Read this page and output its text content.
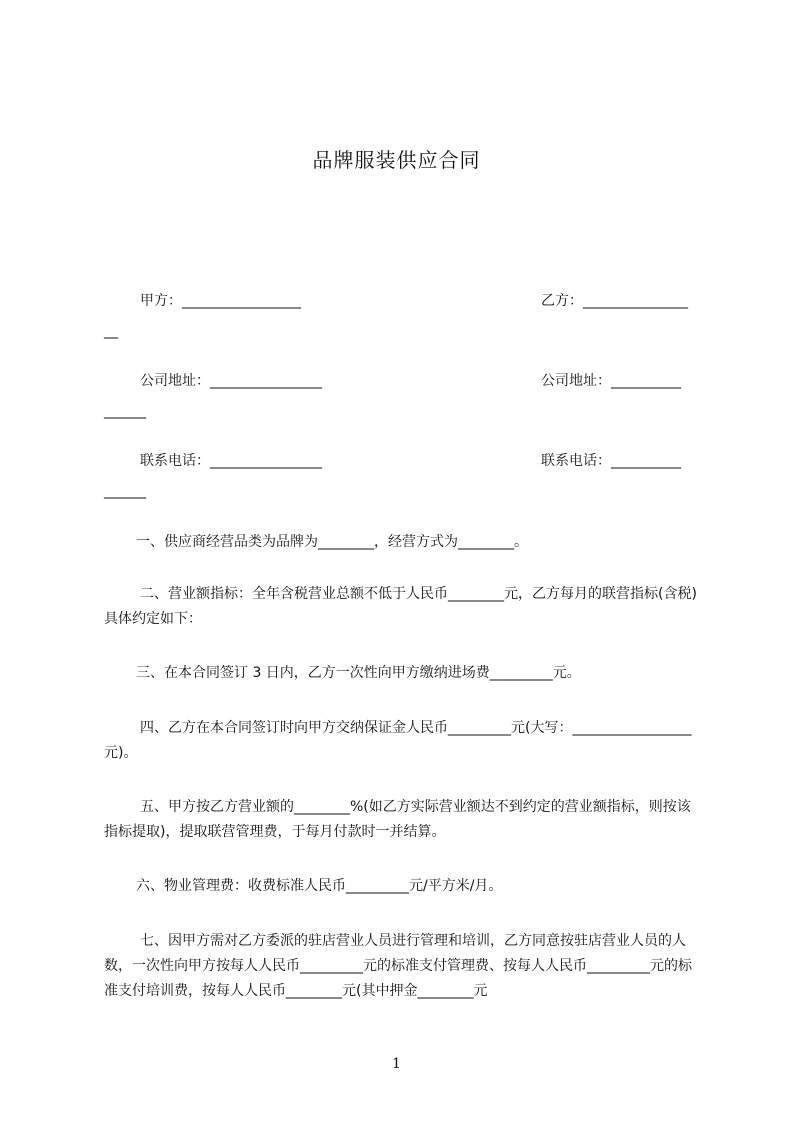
品牌服装供应合同
甲方：_________________	乙方：_______________
__
公司地址：________________	公司地址：__________
______
联系电话：________________	联系电话：__________
______
一、供应商经营品类为品牌为________，经营方式为________。
二、营业额指标：全年含税营业总额不低于人民币________元，乙方每月的联营指标(含税)具体约定如下：
三、在本合同签订 3 日内，乙方一次性向甲方缴纳进场费_________元。
四、乙方在本合同签订时向甲方交纳保证金人民币_________元(大写：_________________元)。
五、甲方按乙方营业额的________%(如乙方实际营业额达不到约定的营业额指标，则按该指标提取)，提取联营管理费，于每月付款时一并结算。
六、物业管理费：收费标准人民币_________元/平方米/月。
七、因甲方需对乙方委派的驻店营业人员进行管理和培训，乙方同意按驻店营业人员的人数，一次性向甲方按每人人民币_________元的标准支付管理费、按每人人民币_________元的标准支付培训费，按每人人民币________元(其中押金________元
1
